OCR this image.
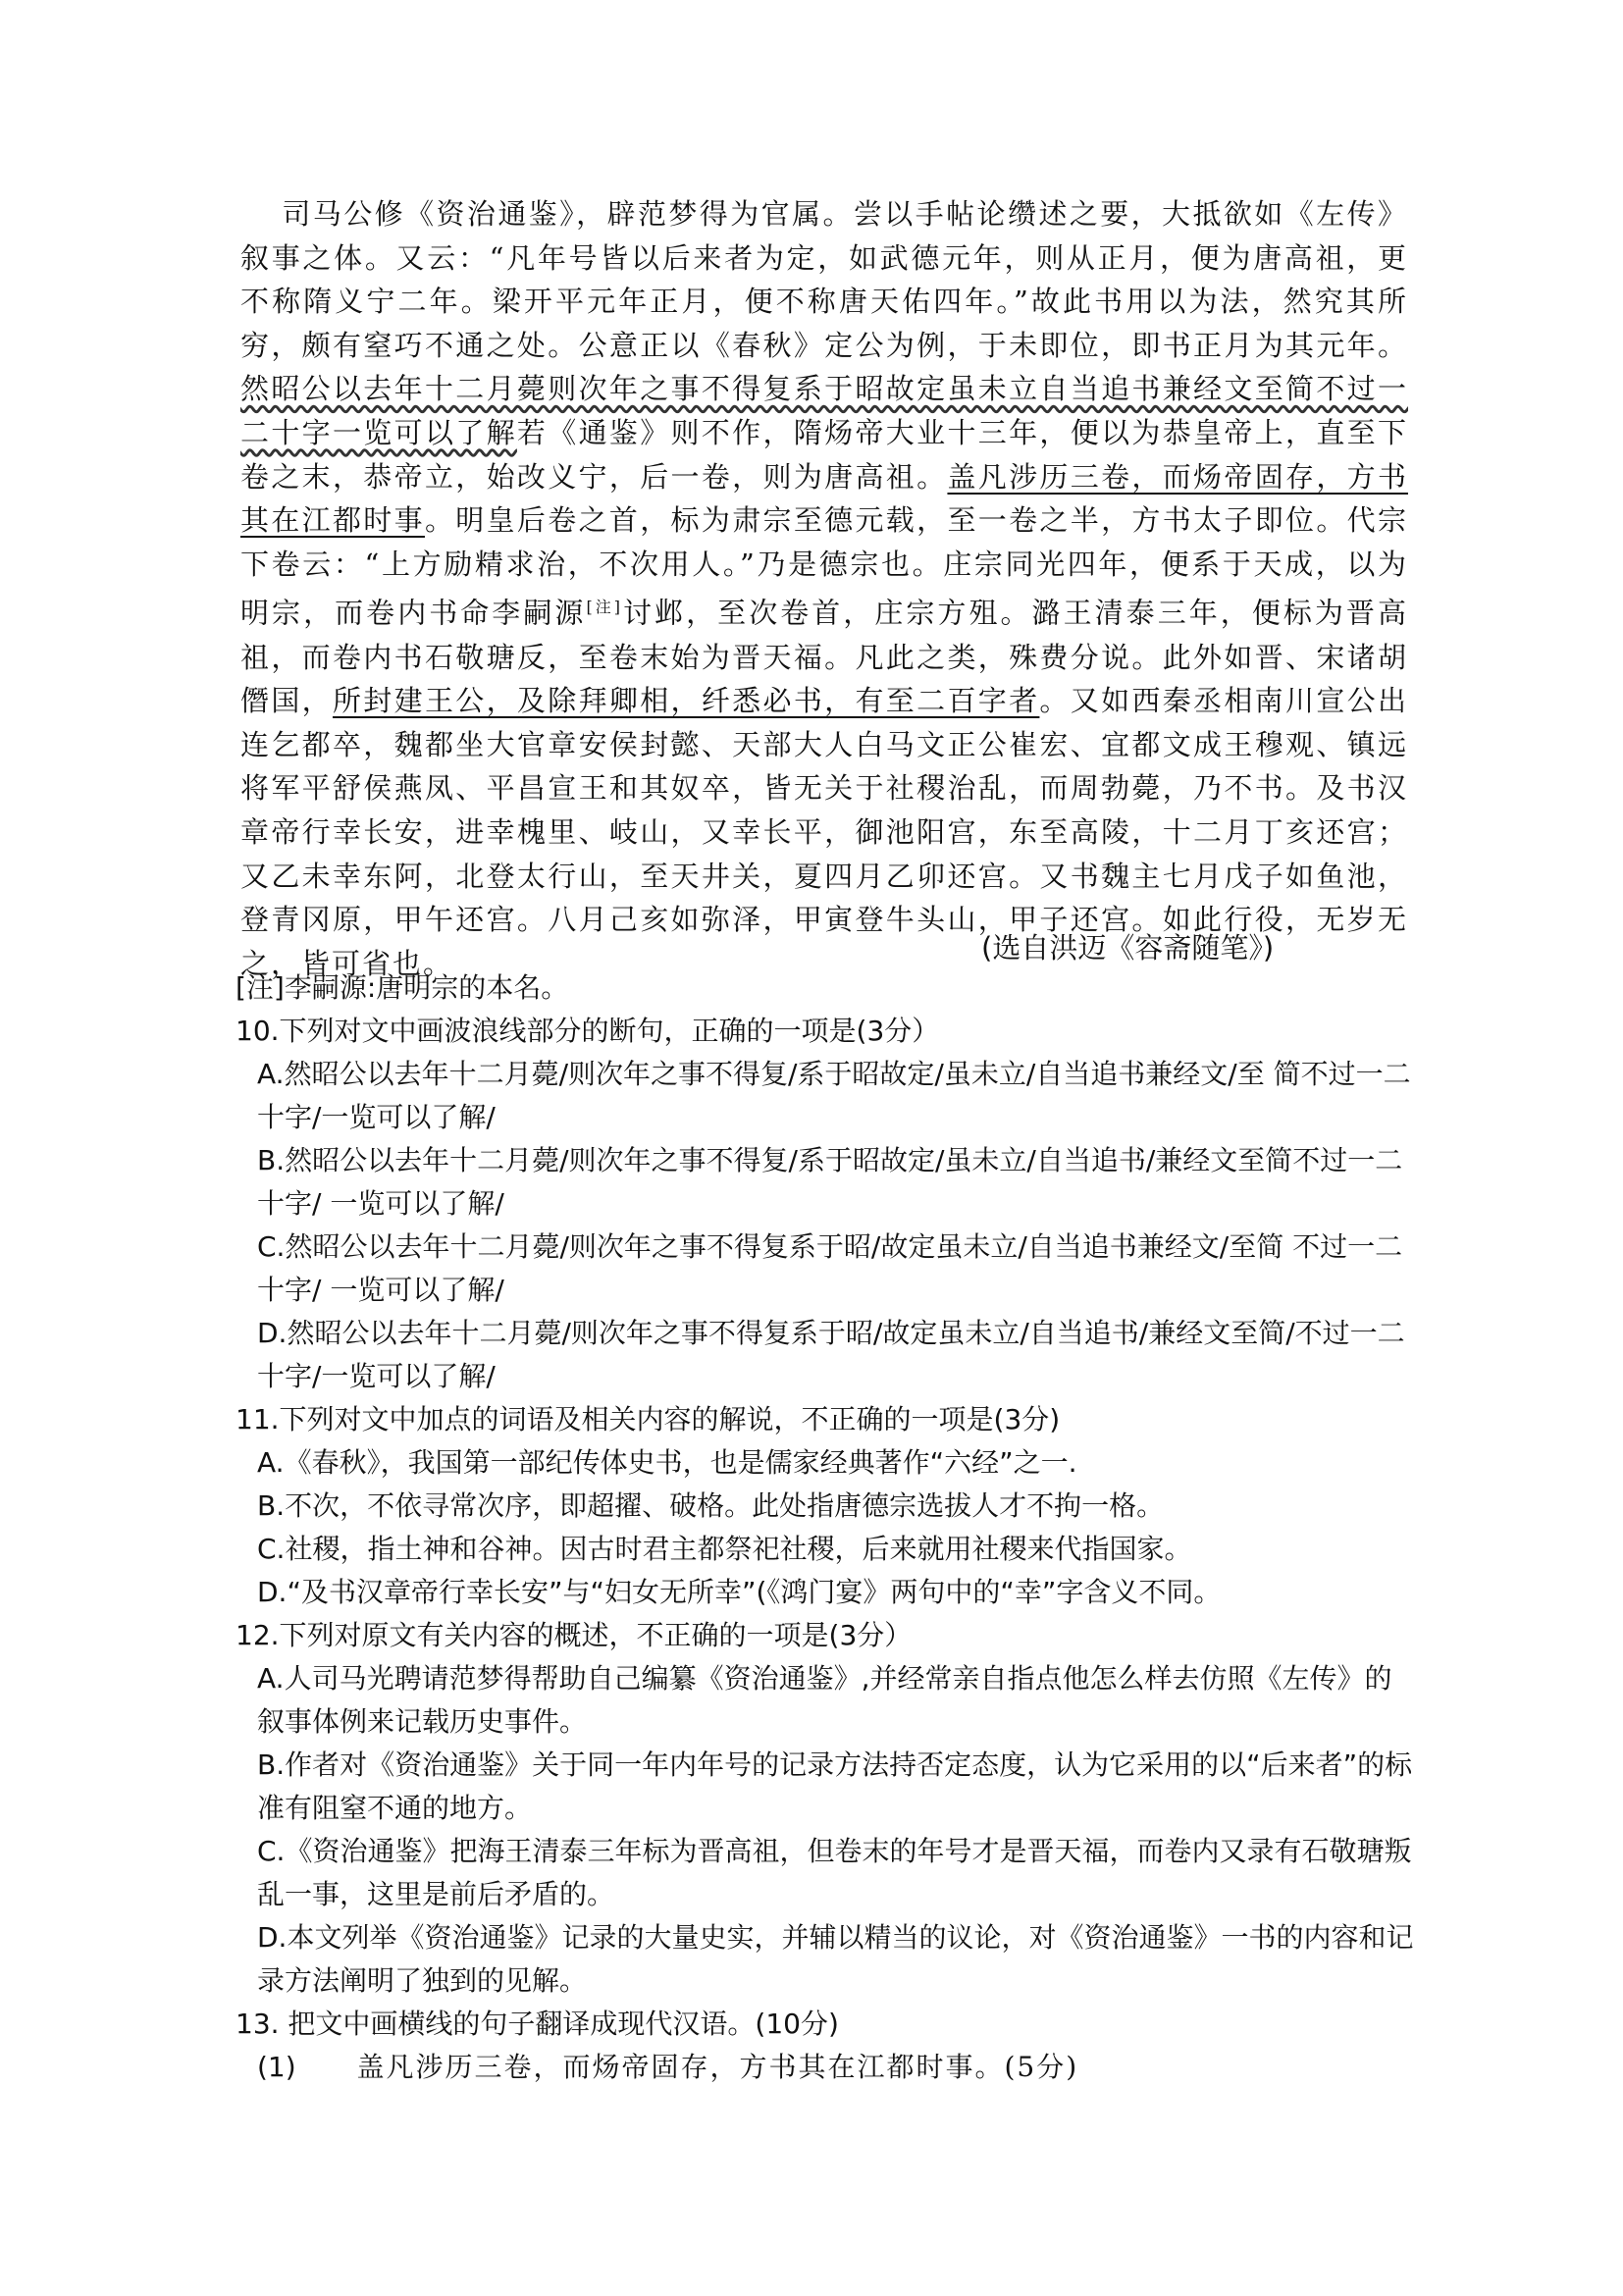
司马公修《资治通鉴》，辟范梦得为官属。尝以手帖论缵述之要，大抵欲如《左传》叙事之体。又云：“凡年号皆以后来者为定，如武德元年，则从正月，便为唐高祖，更不称隋义宁二年。梁开平元年正月，便不称唐天佑四年。”故此书用以为法，然究其所穷，颇有窒巧不通之处。公意正以《春秋》定公为例，于未即位，即书正月为其元年。然昭公以去年十二月薨则次年之事不得复系于昭故定虽未立自当追书兼经文至简不过一二十字一览可以了解若《通鉴》则不作，隋炀帝大业十三年，便以为恭皇帝上，直至下卷之末，恭帝立，始改义宁，后一卷，则为唐高祖。盖凡涉历三卷，而炀帝固存，方书其在江都时事。明皇后卷之首，标为肃宗至德元载，至一卷之半，方书太子即位。代宗下卷云：“上方励精求治，不次用人。”乃是德宗也。庄宗同光四年，便系于天成，以为明宗，而卷内书命李嗣源[注]讨邺，至次卷首，庄宗方殂。潞王清泰三年，便标为晋高祖，而卷内书石敬瑭反，至卷末始为晋天福。凡此之类，殊费分说。此外如晋、宋诸胡僭国，所封建王公，及除拜卿相，纤悉必书，有至二百字者。又如西秦丞相南川宣公出连乞都卒，魏都坐大官章安侯封懿、天部大人白马文正公崔宏、宜都文成王穆观、镇远将军平舒侯燕凤、平昌宣王和其奴卒，皆无关于社稷治乱，而周勃薨，乃不书。及书汉章帝行幸长安，进幸槐里、岐山，又幸长平，御池阳宫，东至高陵，十二月丁亥还宫；又乙未幸东阿，北登太行山，至天井关，夏四月乙卯还宫。又书魏主七月戊子如鱼池，登青冈原，甲午还宫。八月己亥如弥泽，甲寅登牛头山，甲子还宫。如此行役，无岁无之，皆可省也。	(选自洪迈《容斋随笔》)
[注]李嗣源:唐明宗的本名。
10.下列对文中画波浪线部分的断句，正确的一项是(3分）
A.然昭公以去年十二月薨/则次年之事不得复/系于昭故定/虽未立/自当追书兼经文/至 简不过一二十字/一览可以了解/
B.然昭公以去年十二月薨/则次年之事不得复/系于昭故定/虽未立/自当追书/兼经文至简不过一二十字/ 一览可以了解/
C.然昭公以去年十二月薨/则次年之事不得复系于昭/故定虽未立/自当追书兼经文/至简 不过一二十字/ 一览可以了解/
D.然昭公以去年十二月薨/则次年之事不得复系于昭/故定虽未立/自当追书/兼经文至简/不过一二十字/一览可以了解/
11.下列对文中加点的词语及相关内容的解说，不正确的一项是(3分)
A.《春秋》，我国第一部纪传体史书，也是儒家经典著作“六经”之一.
B.不次，不依寻常次序，即超擢、破格。此处指唐德宗选拔人才不拘一格。
C.社稷，指土神和谷神。因古时君主都祭祀社稷，后来就用社稷来代指国家。
D.“及书汉章帝行幸长安”与“妇女无所幸”(《鸿门宴》两句中的“幸”字含义不同。
12.下列对原文有关内容的概述，不正确的一项是(3分）
A.人司马光聘请范梦得帮助自己编纂《资治通鉴》,并经常亲自指点他怎么样去仿照《左传》的叙事体例来记载历史事件。
B.作者对《资治通鉴》关于同一年内年号的记录方法持否定态度，认为它采用的以“后来者”的标准有阻窒不通的地方。
C.《资治通鉴》把海王清泰三年标为晋高祖，但卷末的年号才是晋天福，而卷内又录有石敬瑭叛乱一事，这里是前后矛盾的。
D.本文列举《资治通鉴》记录的大量史实，并辅以精当的议论，对《资治通鉴》一书的内容和记录方法阐明了独到的见解。
13. 把文中画横线的句子翻译成现代汉语。(10分)
(1) 盖凡涉历三卷，而炀帝固存，方书其在江都时事。(5分)
